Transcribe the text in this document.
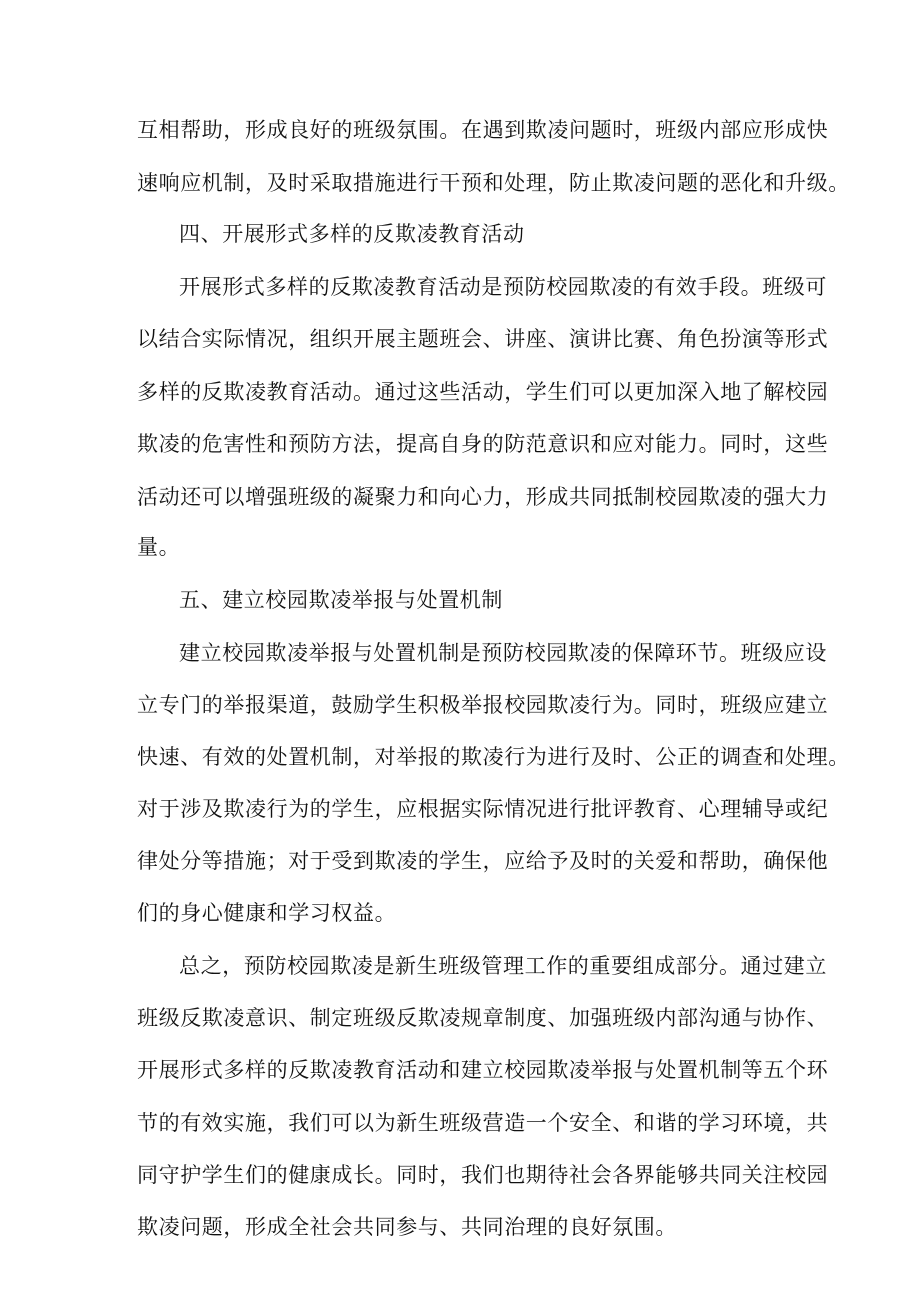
互相帮助，形成良好的班级氛围。在遇到欺凌问题时，班级内部应形成快
速响应机制，及时采取措施进行干预和处理，防止欺凌问题的恶化和升级。
四、开展形式多样的反欺凌教育活动
开展形式多样的反欺凌教育活动是预防校园欺凌的有效手段。班级可
以结合实际情况，组织开展主题班会、讲座、演讲比赛、角色扮演等形式
多样的反欺凌教育活动。通过这些活动，学生们可以更加深入地了解校园
欺凌的危害性和预防方法，提高自身的防范意识和应对能力。同时，这些
活动还可以增强班级的凝聚力和向心力，形成共同抵制校园欺凌的强大力
量。
五、建立校园欺凌举报与处置机制
建立校园欺凌举报与处置机制是预防校园欺凌的保障环节。班级应设
立专门的举报渠道，鼓励学生积极举报校园欺凌行为。同时，班级应建立
快速、有效的处置机制，对举报的欺凌行为进行及时、公正的调查和处理。
对于涉及欺凌行为的学生，应根据实际情况进行批评教育、心理辅导或纪
律处分等措施；对于受到欺凌的学生，应给予及时的关爱和帮助，确保他
们的身心健康和学习权益。
总之，预防校园欺凌是新生班级管理工作的重要组成部分。通过建立
班级反欺凌意识、制定班级反欺凌规章制度、加强班级内部沟通与协作、
开展形式多样的反欺凌教育活动和建立校园欺凌举报与处置机制等五个环
节的有效实施，我们可以为新生班级营造一个安全、和谐的学习环境，共
同守护学生们的健康成长。同时，我们也期待社会各界能够共同关注校园
欺凌问题，形成全社会共同参与、共同治理的良好氛围。
